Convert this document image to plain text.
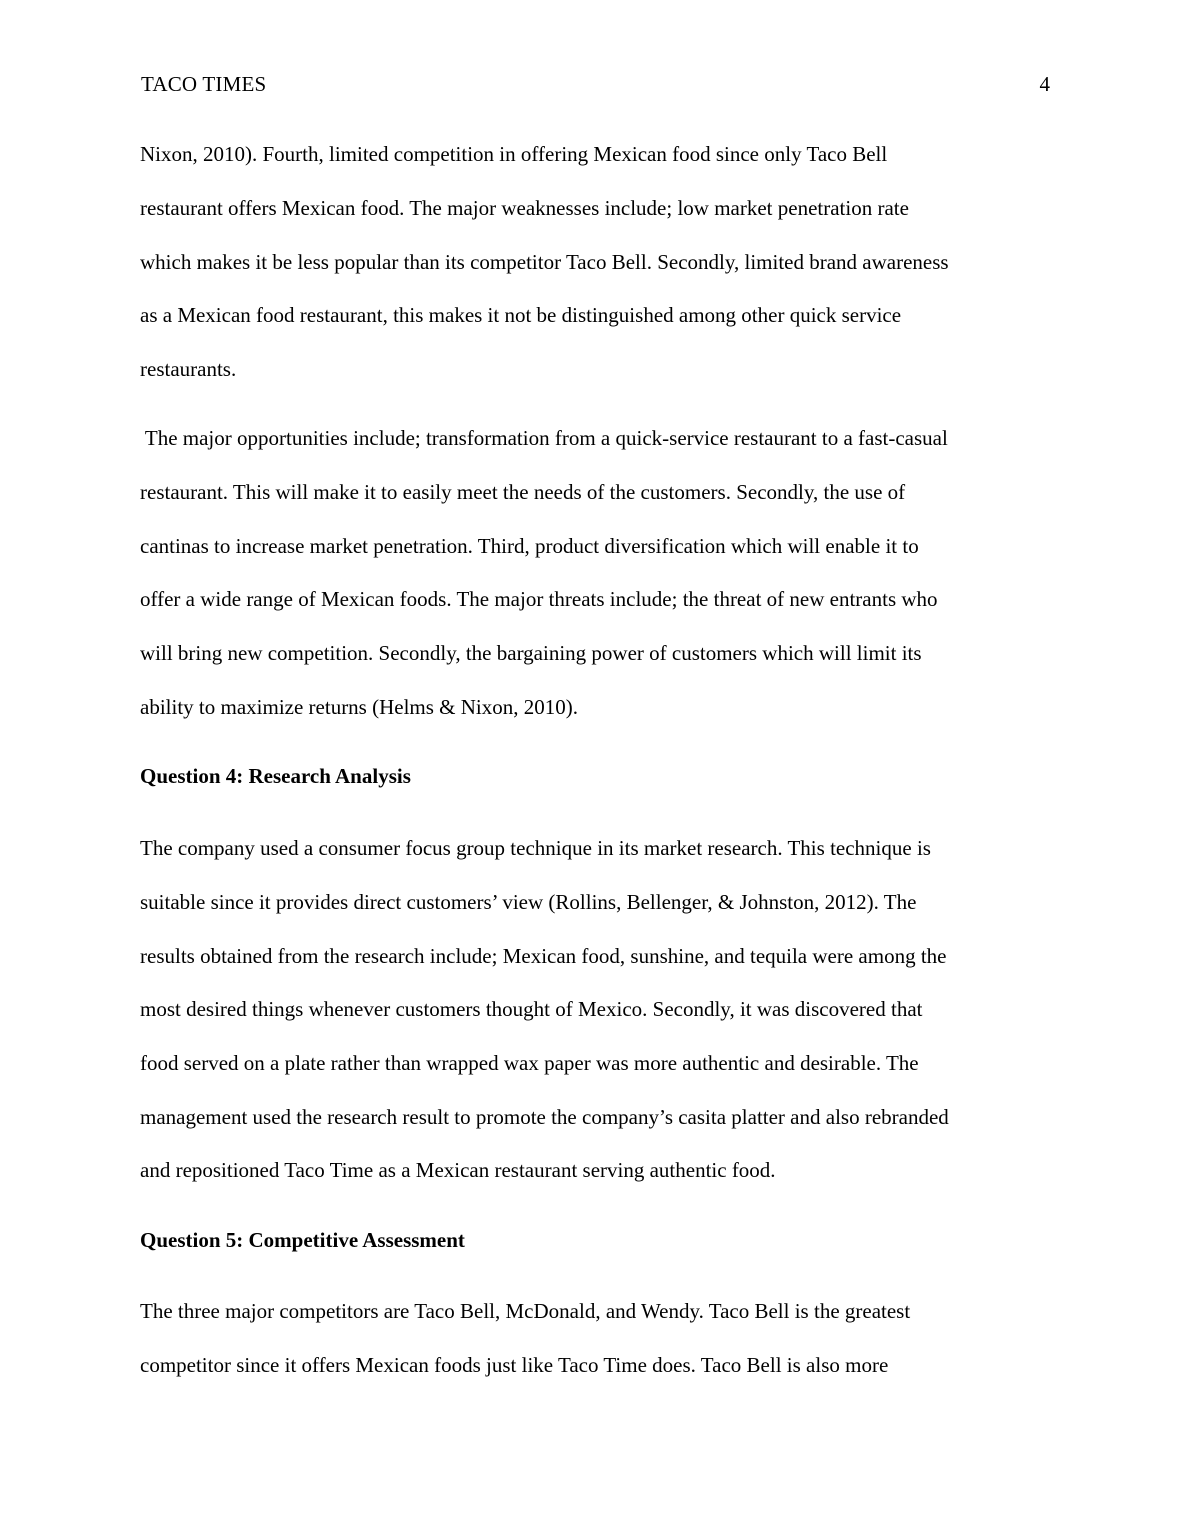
TACO TIMES	4
Nixon, 2010). Fourth, limited competition in offering Mexican food since only Taco Bell
restaurant offers Mexican food. The major weaknesses include; low market penetration rate
which makes it be less popular than its competitor Taco Bell. Secondly, limited brand awareness
as a Mexican food restaurant, this makes it not be distinguished among other quick service
restaurants.
The major opportunities include; transformation from a quick-service restaurant to a fast-casual
restaurant. This will make it to easily meet the needs of the customers. Secondly, the use of
cantinas to increase market penetration. Third, product diversification which will enable it to
offer a wide range of Mexican foods. The major threats include; the threat of new entrants who
will bring new competition. Secondly, the bargaining power of customers which will limit its
ability to maximize returns (Helms & Nixon, 2010).
Question 4: Research Analysis
The company used a consumer focus group technique in its market research. This technique is
suitable since it provides direct customers’ view (Rollins, Bellenger, & Johnston, 2012). The
results obtained from the research include; Mexican food, sunshine, and tequila were among the
most desired things whenever customers thought of Mexico. Secondly, it was discovered that
food served on a plate rather than wrapped wax paper was more authentic and desirable. The
management used the research result to promote the company’s casita platter and also rebranded
and repositioned Taco Time as a Mexican restaurant serving authentic food.
Question 5: Competitive Assessment
The three major competitors are Taco Bell, McDonald, and Wendy. Taco Bell is the greatest
competitor since it offers Mexican foods just like Taco Time does. Taco Bell is also more
